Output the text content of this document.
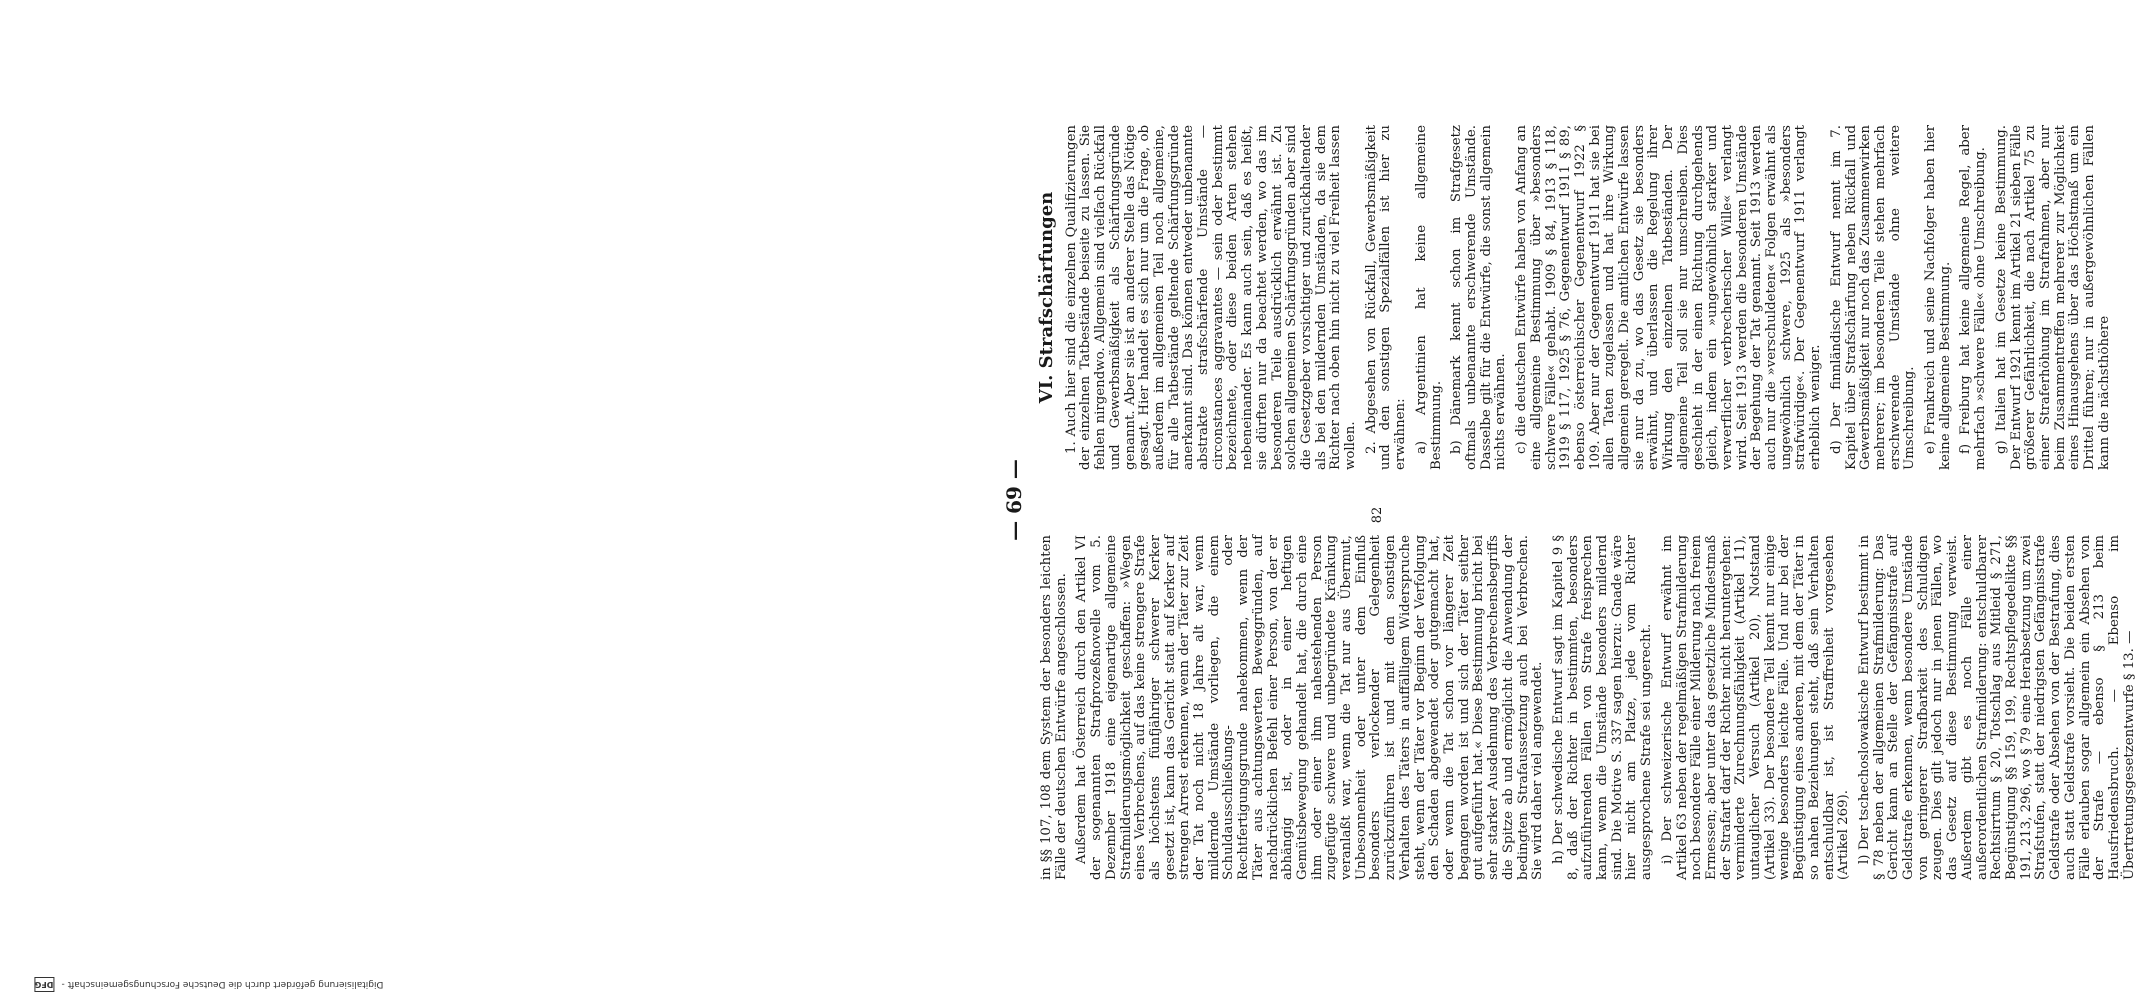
Digitalisierung gefördert durch die Deutsche Forschungsgemeinschaft - DFG
— 69 —

in §§ 107, 108 dem System der besonders leichten Fälle der deutschen Entwürfe angeschlossen. Außerdem hat Österreich durch den Artikel VI der sogenannten Strafprozeßnovelle vom 5. Dezember 1918 eine eigenartige allgemeine Strafmilderungsmöglichkeit geschaffen: »Wegen eines Verbrechens, auf das keine strengere Strafe als höchstens fünfjähriger schwerer Kerker gesetzt ist, kann das Gericht statt auf Kerker auf strengen Arrest erkennen, wenn der Täter zur Zeit der Tat noch nicht 18 Jahre alt war, wenn mildernde Umstände vorliegen, die einem Schuldausschließungs- oder Rechtfertigungsgrunde nahekommen, wenn der Täter aus achtungswerten Beweggründen, auf nachdrücklichen Befehl einer Person, von der er abhängig ist, oder in einer heftigen Gemütsbewegung gehandelt hat, die durch eine ihm oder einer ihm nahestehenden Person zugefügte schwere und unbegründete Kränkung veranlaßt war, wenn die Tat nur aus Übermut, Unbesonnenheit oder unter dem Einfluß besonders verlockender Gelegenheit zurückzuführen ist und mit dem sonstigen Verhalten des Täters in auffälligem Widerspruche steht, wenn der Täter vor Beginn der Verfolgung den Schaden abgewendet oder gutgemacht hat, oder wenn die Tat schon vor längerer Zeit begangen worden ist und sich der Täter seither gut aufgeführt hat.« Diese Bestimmung bricht bei sehr starker Ausdehnung des Verbrechensbegriffs die Spitze ab und ermöglicht die Anwendung der bedingten Strafaussetzung auch bei Verbrechen. Sie wird daher viel angewendet. h) Der schwedische Entwurf sagt im Kapitel 9 § 8, daß der Richter in bestimmten, besonders aufzuführenden Fällen von Strafe freisprechen kann, wenn die Umstände besonders mildernd sind. Die Motive S. 337 sagen hierzu: Gnade wäre hier nicht am Platze, jede vom Richter ausgesprochene Strafe sei ungerecht. i) Der schweizerische Entwurf erwähnt im Artikel 63 neben der regelmäßigen Strafmilderung noch besondere Fälle einer Milderung nach freiem Ermessen; aber unter das gesetzliche Mindestmaß der Strafart darf der Richter nicht heruntergehen: verminderte Zurechnungsfähigkeit (Artikel 11), untauglicher Versuch (Artikel 20), Notstand (Artikel 33). Der besondere Teil kennt nur einige wenige besonders leichte Fälle. Und nur bei der Begünstigung eines anderen, mit dem der Täter in so nahen Beziehungen steht, daß sein Verhalten entschuldbar ist, ist Straffreiheit vorgesehen (Artikel 269). l) Der tschechoslowakische Entwurf bestimmt in § 78 neben der allgemeinen Strafmilderung: Das Gericht kann an Stelle der Gefängnisstrafe auf Geldstrafe erkennen, wenn besondere Umstände von geringerer Strafbarkeit des Schuldigen zeugen. Dies gilt jedoch nur in jenen Fällen, wo das Gesetz auf diese Bestimmung verweist. Außerdem gibt es noch Fälle einer außerordentlichen Strafmilderung: entschuldbarer Rechtsirrtum § 20, Totschlag aus Mitleid § 271, Begünstigung §§ 159, 199, Rechtspflegedelikte §§ 191, 213, 296, wo § 79 eine Herabsetzung um zwei Strafstufen, statt der niedrigsten Gefängnisstrafe Geldstrafe oder Absehen von der Bestrafung, dies auch statt Geldstrafe vorsieht. Die beiden ersten Fälle erlauben sogar allgemein ein Absehen von der Strafe — ebenso § 213 beim Hausfriedensbruch. — Ebenso im Übertretungsgesetzentwurfe § 13. —

VI. Strafschärfungen 1. Auch hier sind die einzelnen Qualifizierungen der einzelnen Tatbestände beiseite zu lassen. Sie fehlen nirgendwo. Allgemein sind vielfach Rückfall und Gewerbsmäßigkeit als Schärfungsgründe genannt. Aber sie ist an anderer Stelle das Nötige gesagt. Hier handelt es sich nur um die Frage, ob außerdem im allgemeinen Teil noch allgemeine, für alle Tatbestände geltende Schärfungsgründe anerkannt sind. Das können entweder unbenannte abstrakte strafschärfende Umstände — circonstances aggravantes — sein oder bestimmt bezeichnete, oder diese beiden Arten stehen nebeneinander. Es kann auch sein, daß es heißt, sie dürften nur da beachtet werden, wo das im besonderen Teile ausdrücklich erwähnt ist. Zu solchen allgemeinen Schärfungsgründen aber sind die Gesetzgeber vorsichtiger und zurückhaltender als bei den mildernden Umständen, da sie dem Richter nach oben hin nicht zu viel Freiheit lassen wollen. 2. Abgesehen von Rückfall, Gewerbsmäßigkeit und den sonstigen Spezialfällen ist hier zu erwähnen: a) Argentinien hat keine allgemeine Bestimmung. b) Dänemark kennt schon im Strafgesetz oftmals unbenannte erschwerende Umstände. Dasselbe gilt für die Entwürfe, die sonst allgemein nichts erwähnen. c) die deutschen Entwürfe haben von Anfang an eine allgemeine Bestimmung über »besonders schwere Fälle« gehabt. 1909 § 84, 1913 § 118, 1919 § 117, 1925 § 76, Gegenentwurf 1911 § 89, ebenso österreichischer Gegenentwurf 1922 § 109. Aber nur der Gegenentwurf 1911 hat sie bei allen Taten zugelassen und hat ihre Wirkung allgemein geregelt. Die amtlichen Entwürfe lassen sie nur da zu, wo das Gesetz sie besonders erwähnt, und überlassen die Regelung ihrer Wirkung den einzelnen Tatbeständen. Der allgemeine Teil soll sie nur umschreiben. Dies geschieht in der einen Richtung durchgehends gleich, indem ein »ungewöhnlich starker und verwerflicher verbrecherischer Wille« verlangt wird. Seit 1913 werden die besonderen Umstände der Begehung der Tat genannt. Seit 1913 werden auch nur die »verschuldeten« Folgen erwähnt als ungewöhnlich schwere, 1925 als »besonders strafwürdige«. Der Gegenentwurf 1911 verlangt erheblich weniger. d) Der finnländische Entwurf nennt im 7. Kapitel über Strafschärfung neben Rückfall und Gewerbsmäßigkeit nur noch das Zusammenwirken mehrerer; im besonderen Teile stehen mehrfach erschwerende Umstände ohne weitere Umschreibung. e) Frankreich und seine Nachfolger haben hier keine allgemeine Bestimmung. f) Freiburg hat keine allgemeine Regel, aber mehrfach »schwere Fälle« ohne Umschreibung. g) Italien hat im Gesetze keine Bestimmung. Der Entwurf 1921 kennt im Artikel 21 sieben Fälle größerer Gefährlichkeit, die nach Artikel 75 zu einer Straferhöhung im Strafrahmen, aber nur beim Zusammentreffen mehrerer zur Möglichkeit eines Hinausgehens über das Höchstmaß um ein Drittel führen; nur in außergewöhnlichen Fällen kann die nächsthöhere

82
